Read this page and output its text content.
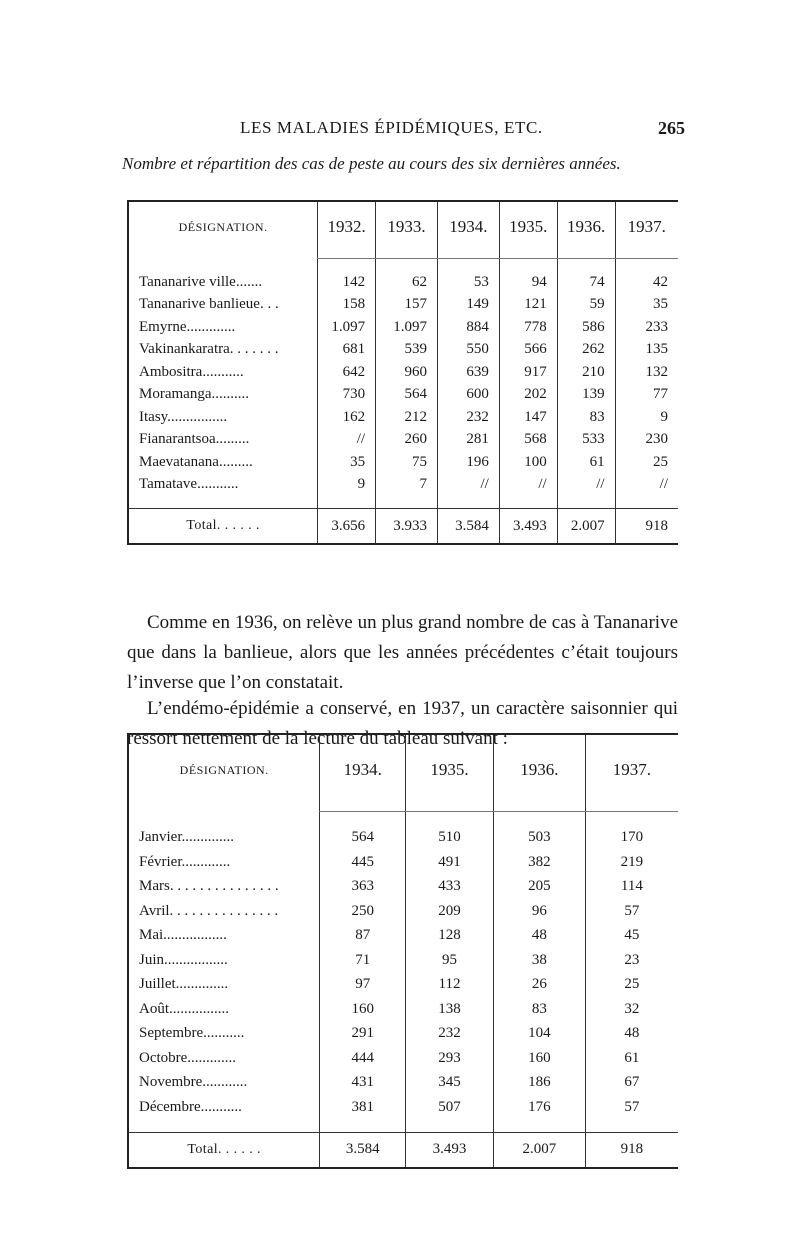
LES MALADIES ÉPIDÉMIQUES, ETC.	265
Nombre et répartition des cas de peste au cours des six dernières années.
DÉSIGNATION.	1932.	1933.	1934.	1935.	1936.	1937.

Tananarive ville.......	142	62	53	94	74	42
Tananarive banlieue. . .	158	157	149	121	59	35
Emyrne.............	1.097	1.097	884	778	586	233
Vakinankaratra. . . . . . .	681	539	550	566	262	135
Ambositra...........	642	960	639	917	210	132
Moramanga..........	730	564	600	202	139	77
Itasy................	162	212	232	147	83	9
Fianarantsoa.........	//	260	281	568	533	230
Maevatanana.........	35	75	196	100	61	25
Tamatave...........	9	7	//	//	//	//

Total. . . . . .	3.656	3.933	3.584	3.493	2.007	918

Comme en 1936, on relève un plus grand nombre de cas à Tananarive que dans la banlieue, alors que les années précédentes c’était toujours l’inverse que l’on constatait.

L’endémo-épidémie a conservé, en 1937, un caractère saisonnier qui ressort nettement de la lecture du tableau suivant :

DÉSIGNATION.	1934.	1935.	1936.	1937.

Janvier..............	564	510	503	170
Février.............	445	491	382	219
Mars. . . . . . . . . . . . . . .	363	433	205	114
Avril. . . . . . . . . . . . . . .	250	209	96	57
Mai.................	87	128	48	45
Juin.................	71	95	38	23
Juillet..............	97	112	26	25
Août................	160	138	83	32
Septembre...........	291	232	104	48
Octobre.............	444	293	160	61
Novembre............	431	345	186	67
Décembre...........	381	507	176	57

Total. . . . . .	3.584	3.493	2.007	918
